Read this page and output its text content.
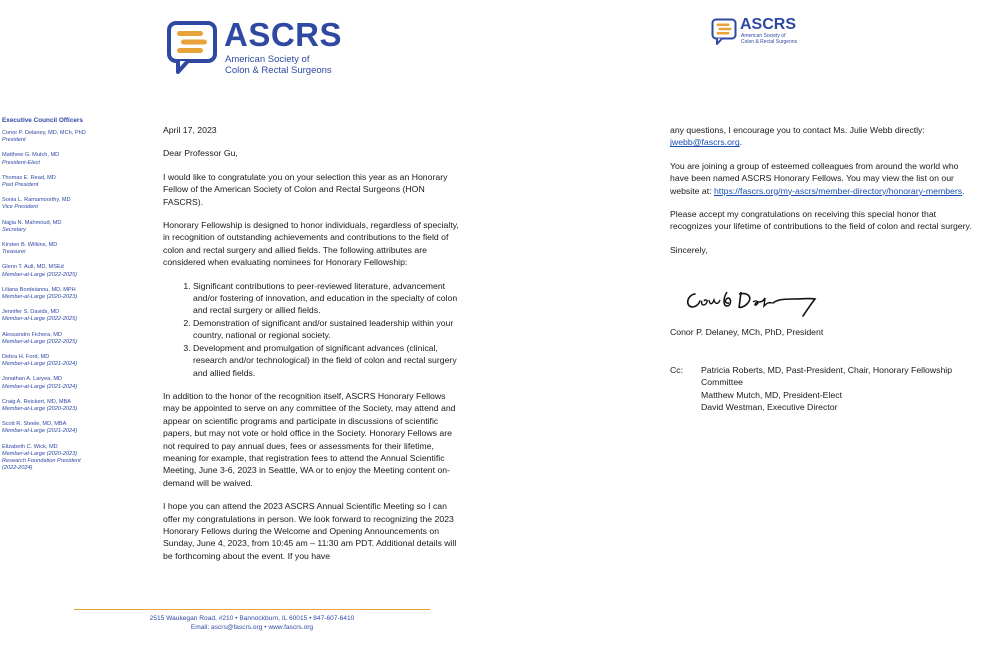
ASCRS
American Society of
Colon & Rectal Surgeons
ASCRS
American Society of
Colon & Rectal Surgeons
Executive Council Officers
Conor P. Delaney, MD, MCh, PhD
President
Matthew G. Mutch, MD
President-Elect
Thomas E. Read, MD
Past President
Sonia L. Ramamoorthy, MD
Vice President
Najjia N. Mahmoud, MD
Secretary
Kirsten B. Wilkins, MD
Treasurer
Glenn T. Ault, MD, MSEd
Member-at-Large (2022-2025)
Liliana Bordeianou, MD, MPH
Member-at-Large (2020-2023)
Jennifer S. Davids, MD
Member-at-Large (2022-2025)
Alessandro Fichera, MD
Member-at-Large (2022-2025)
Debra H. Ford, MD
Member-at-Large (2021-2024)
Jonathan A. Laryea, MD
Member-at-Large (2021-2024)
Craig A. Reickert, MD, MBA
Member-at-Large (2020-2023)
Scott R. Steele, MD, MBA
Member-at-Large (2021-2024)
Elizabeth C. Wick, MD
Member-at-Large (2020-2023)
Research Foundation President
(2022-2024)

April 17, 2023

Dear Professor Gu,

I would like to congratulate you on your selection this year as an Honorary Fellow of the American Society of Colon and Rectal Surgeons (HON FASCRS).

Honorary Fellowship is designed to honor individuals, regardless of specialty, in recognition of outstanding achievements and contributions to the field of colon and rectal surgery and allied fields. The following attributes are considered when evaluating nominees for Honorary Fellowship:

1. Significant contributions to peer-reviewed literature, advancement and/or fostering of innovation, and education in the specialty of colon and rectal surgery or allied fields.
2. Demonstration of significant and/or sustained leadership within your country, national or regional society.
3. Development and promulgation of significant advances (clinical, research and/or technological) in the field of colon and rectal surgery and allied fields.

In addition to the honor of the recognition itself, ASCRS Honorary Fellows may be appointed to serve on any committee of the Society, may attend and appear on scientific programs and participate in discussions of scientific papers, but may not vote or hold office in the Society. Honorary Fellows are not required to pay annual dues, fees or assessments for their lifetime, meaning for example, that registration fees to attend the Annual Scientific Meeting, June 3-6, 2023 in Seattle, WA or to enjoy the Meeting content on-demand will be waived.

I hope you can attend the 2023 ASCRS Annual Scientific Meeting so I can offer my congratulations in person. We look forward to recognizing the 2023 Honorary Fellows during the Welcome and Opening Announcements on Sunday, June 4, 2023, from 10:45 am – 11:30 am PDT. Additional details will be forthcoming about the event. If you have

2515 Waukegan Road, #210 • Bannockburn, IL 60015 • 847-607-6410
Email: ascrs@fascrs.org • www.fascrs.org

any questions, I encourage you to contact Ms. Julie Webb directly: jwebb@fascrs.org.

You are joining a group of esteemed colleagues from around the world who have been named ASCRS Honorary Fellows. You may view the list on our website at: https://fascrs.org/my-ascrs/member-directory/honorary-members.

Please accept my congratulations on receiving this special honor that recognizes your lifetime of contributions to the field of colon and rectal surgery.

Sincerely,

Conor P. Delaney, MCh, PhD, President
Cc: Patricia Roberts, MD, Past-President, Chair, Honorary Fellowship Committee
Matthew Mutch, MD, President-Elect
David Westman, Executive Director
